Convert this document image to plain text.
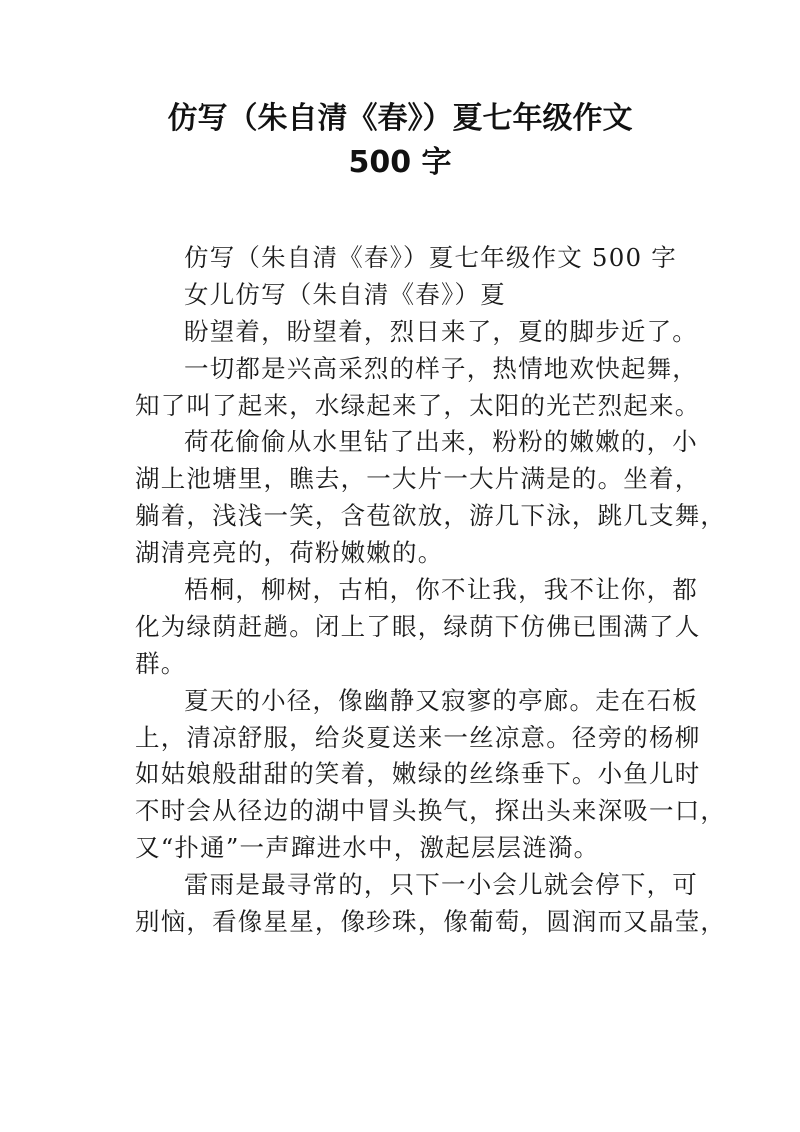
仿写（朱自清《春》）夏七年级作文
500 字
仿写（朱自清《春》）夏七年级作文 500 字
女儿仿写（朱自清《春》）夏
盼望着，盼望着，烈日来了，夏的脚步近了。
一切都是兴高采烈的样子，热情地欢快起舞，
知了叫了起来，水绿起来了，太阳的光芒烈起来。
荷花偷偷从水里钻了出来，粉粉的嫩嫩的，小
湖上池塘里，瞧去，一大片一大片满是的。坐着，
躺着，浅浅一笑，含苞欲放，游几下泳，跳几支舞，
湖清亮亮的，荷粉嫩嫩的。
梧桐，柳树，古柏，你不让我，我不让你，都
化为绿荫赶趟。闭上了眼，绿荫下仿佛已围满了人
群。
夏天的小径，像幽静又寂寥的亭廊。走在石板
上，清凉舒服，给炎夏送来一丝凉意。径旁的杨柳
如姑娘般甜甜的笑着，嫩绿的丝绦垂下。小鱼儿时
不时会从径边的湖中冒头换气，探出头来深吸一口，
又“扑通”一声蹿进水中，激起层层涟漪。
雷雨是最寻常的，只下一小会儿就会停下，可
别恼，看像星星，像珍珠，像葡萄，圆润而又晶莹，
